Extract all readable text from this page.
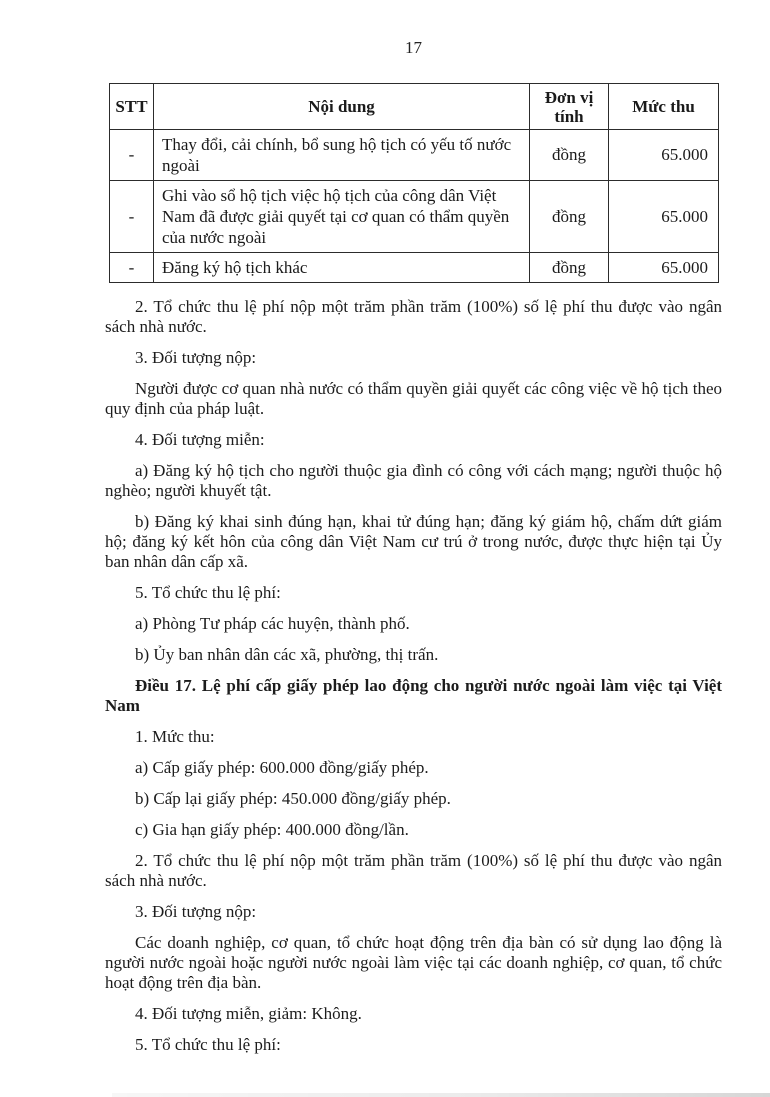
17
STT	Nội dung	Đơn vị tính	Mức thu
-	Thay đổi, cải chính, bổ sung hộ tịch có yếu tố nước ngoài	đồng	65.000
-	Ghi vào sổ hộ tịch việc hộ tịch của công dân Việt Nam đã được giải quyết tại cơ quan có thẩm quyền của nước ngoài	đồng	65.000
-	Đăng ký hộ tịch khác	đồng	65.000

2. Tổ chức thu lệ phí nộp một trăm phần trăm (100%) số lệ phí thu được vào ngân sách nhà nước.

3. Đối tượng nộp:

Người được cơ quan nhà nước có thẩm quyền giải quyết các công việc về hộ tịch theo quy định của pháp luật.

4. Đối tượng miễn:

a) Đăng ký hộ tịch cho người thuộc gia đình có công với cách mạng; người thuộc hộ nghèo; người khuyết tật.

b) Đăng ký khai sinh đúng hạn, khai tử đúng hạn; đăng ký giám hộ, chấm dứt giám hộ; đăng ký kết hôn của công dân Việt Nam cư trú ở trong nước, được thực hiện tại Ủy ban nhân dân cấp xã.

5. Tổ chức thu lệ phí:

a) Phòng Tư pháp các huyện, thành phố.

b) Ủy ban nhân dân các xã, phường, thị trấn.

Điều 17. Lệ phí cấp giấy phép lao động cho người nước ngoài làm việc tại Việt Nam

1. Mức thu:

a) Cấp giấy phép: 600.000 đồng/giấy phép.

b) Cấp lại giấy phép: 450.000 đồng/giấy phép.

c) Gia hạn giấy phép: 400.000 đồng/lần.

2. Tổ chức thu lệ phí nộp một trăm phần trăm (100%) số lệ phí thu được vào ngân sách nhà nước.

3. Đối tượng nộp:

Các doanh nghiệp, cơ quan, tổ chức hoạt động trên địa bàn có sử dụng lao động là người nước ngoài hoặc người nước ngoài làm việc tại các doanh nghiệp, cơ quan, tổ chức hoạt động trên địa bàn.

4. Đối tượng miễn, giảm: Không.

5. Tổ chức thu lệ phí:
